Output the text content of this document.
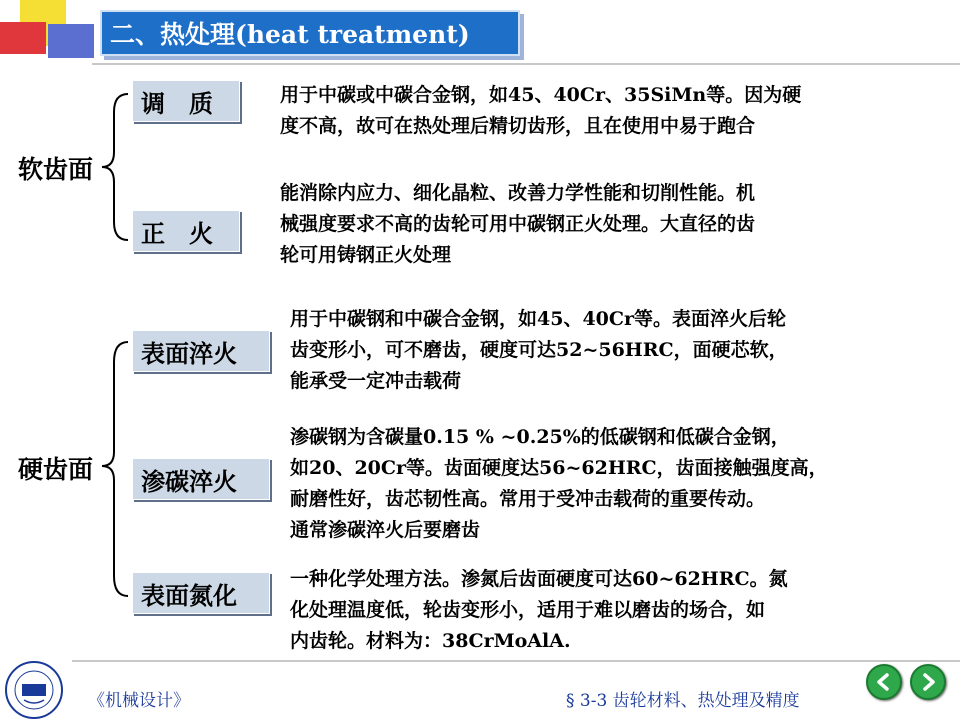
二、热处理(heat treatment)
软齿面
调　质	用于中碳或中碳合金钢，如45、40Cr、35SiMn等。因为硬
度不高，故可在热处理后精切齿形，且在使用中易于跑合
正　火
能消除内应力、细化晶粒、改善力学性能和切削性能。机
械强度要求不高的齿轮可用中碳钢正火处理。大直径的齿
轮可用铸钢正火处理
硬齿面
表面淬火
用于中碳钢和中碳合金钢，如45、40Cr等。表面淬火后轮
齿变形小，可不磨齿，硬度可达52~56HRC，面硬芯软，
能承受一定冲击载荷
渗碳淬火
渗碳钢为含碳量0.15 % ~0.25%的低碳钢和低碳合金钢，
如20、20Cr等。齿面硬度达56~62HRC，齿面接触强度高，
耐磨性好，齿芯韧性高。常用于受冲击载荷的重要传动。
通常渗碳淬火后要磨齿
表面氮化
一种化学处理方法。渗氮后齿面硬度可达60~62HRC。氮
化处理温度低，轮齿变形小，适用于难以磨齿的场合，如
内齿轮。材料为：38CrMoAlA.
《机械设计》	§ 3-3 齿轮材料、热处理及精度
